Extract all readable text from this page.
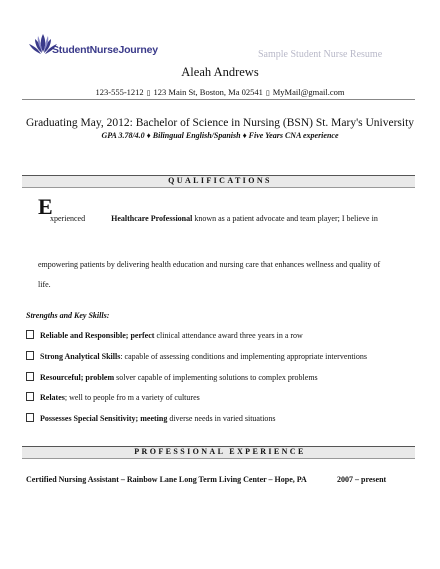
StudentNurseJourney	Sample Student Nurse Resume
Aleah Andrews
123-555-1212 ▯ 123 Main St, Boston, Ma 02541 ▯ MyMail@gmail.com
Graduating May, 2012: Bachelor of Science in Nursing (BSN) St. Mary's University
GPA 3.78/4.0 ♦ Bilingual English/Spanish ♦ Five Years CNA experience
QUALIFICATIONS
E
xperienced	Healthcare Professional known as a patient advocate and team player; I believe in
empowering patients by delivering health education and nursing care that enhances wellness and quality of
life.
Strengths and Key Skills:
Reliable and Responsible; perfect clinical attendance award three years in a row
Strong Analytical Skills: capable of assessing conditions and implementing appropriate interventions
Resourceful; problem solver capable of implementing solutions to complex problems
Relates; well to people fro m a variety of cultures
Possesses Special Sensitivity; meeting diverse needs in varied situations
PROFESSIONAL EXPERIENCE
Certified Nursing Assistant – Rainbow Lane Long Term Living Center – Hope, PA	2007 – present
